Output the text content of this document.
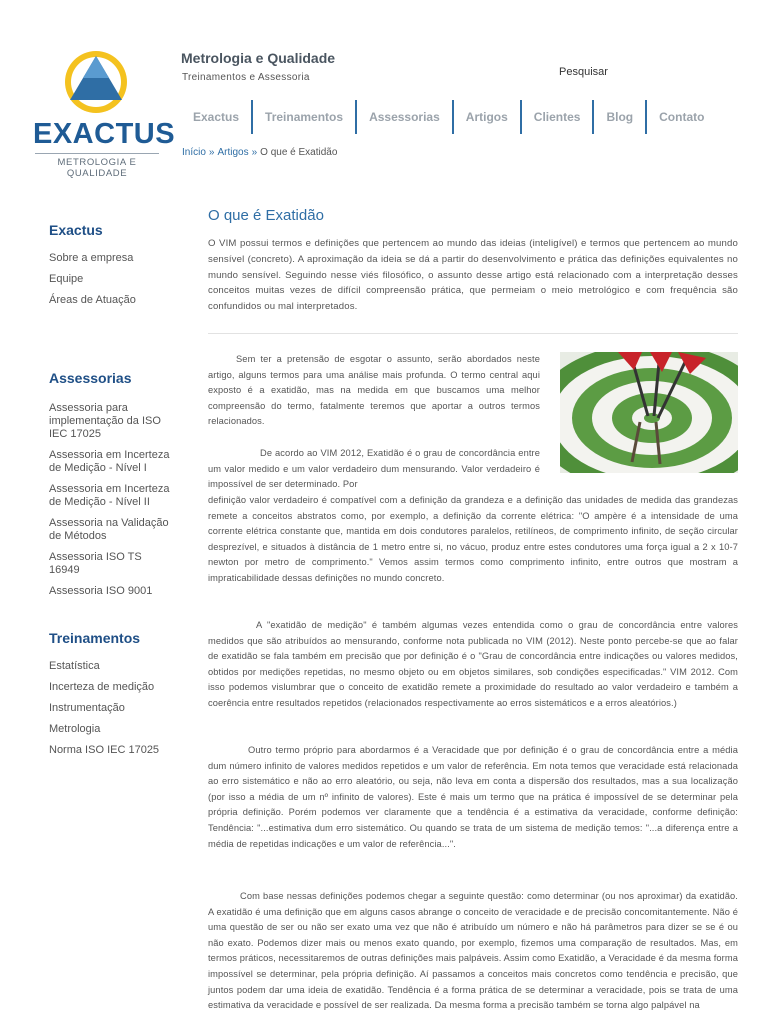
EXACTUS
METROLOGIA E QUALIDADE
Metrologia e Qualidade
Treinamentos e Assessoria	Pesquisar
Exactus	Treinamentos	Assessorias	Artigos	Clientes	Blog	Contato
Início » Artigos » O que é Exatidão
Exactus
Sobre a empresa
Equipe
Áreas de Atuação
Assessorias
Assessoria para implementação da ISO IEC 17025
Assessoria em Incerteza de Medição - Nível I
Assessoria em Incerteza de Medição - Nível II
Assessoria na Validação de Métodos
Assessoria ISO TS 16949
Assessoria ISO 9001
Treinamentos
Estatística
Incerteza de medição
Instrumentação
Metrologia
Norma ISO IEC 17025
O que é Exatidão
O VIM possui termos e definições que pertencem ao mundo das ideias (inteligível) e termos que pertencem ao mundo sensível (concreto). A aproximação da ideia se dá a partir do desenvolvimento e prática das definições equivalentes no mundo sensível. Seguindo nesse viés filosófico, o assunto desse artigo está relacionado com a interpretação desses conceitos muitas vezes de difícil compreensão prática, que permeiam o meio metrológico e com frequência são confundidos ou mal interpretados.
Sem ter a pretensão de esgotar o assunto, serão abordados neste artigo, alguns termos para uma análise mais profunda. O termo central aqui exposto é a exatidão, mas na medida em que buscamos uma melhor compreensão do termo, fatalmente teremos que aportar a outros termos relacionados.
De acordo ao VIM 2012, Exatidão é o grau de concordância entre um valor medido e um valor verdadeiro dum mensurando. Valor verdadeiro é impossível de ser determinado. Por
definição valor verdadeiro é compatível com a definição da grandeza e a definição das unidades de medida das grandezas remete a conceitos abstratos como, por exemplo, a definição da corrente elétrica: "O ampère é a intensidade de uma corrente elétrica constante que, mantida em dois condutores paralelos, retilíneos, de comprimento infinito, de seção circular desprezível, e situados à distância de 1 metro entre si, no vácuo, produz entre estes condutores uma força igual a 2 x 10-7 newton por metro de comprimento." Vemos assim termos como comprimento infinito, entre outros que mostram a impraticabilidade dessas definições no mundo concreto.
A "exatidão de medição" é também algumas vezes entendida como o grau de concordância entre valores medidos que são atribuídos ao mensurando, conforme nota publicada no VIM (2012). Neste ponto percebe-se que ao falar de exatidão se fala também em precisão que por definição é o "Grau de concordância entre indicações ou valores medidos, obtidos por medições repetidas, no mesmo objeto ou em objetos similares, sob condições especificadas." VIM 2012. Com isso podemos vislumbrar que o conceito de exatidão remete a proximidade do resultado ao valor verdadeiro e também a coerência entre resultados repetidos (relacionados respectivamente ao erros sistemáticos e a erros aleatórios.)
Outro termo próprio para abordarmos é a Veracidade que por definição é o grau de concordância entre a média dum número infinito de valores medidos repetidos e um valor de referência. Em nota temos que veracidade está relacionada ao erro sistemático e não ao erro aleatório, ou seja, não leva em conta a dispersão dos resultados, mas a sua localização (por isso a média de um nº infinito de valores). Este é mais um termo que na prática é impossível de se determinar pela própria definição. Porém podemos ver claramente que a tendência é a estimativa da veracidade, conforme definição: Tendência: "...estimativa dum erro sistemático. Ou quando se trata de um sistema de medição temos: "...a diferença entre a média de repetidas indicações e um valor de referência...".
Com base nessas definições podemos chegar a seguinte questão: como determinar (ou nos aproximar) da exatidão. A exatidão é uma definição que em alguns casos abrange o conceito de veracidade e de precisão concomitantemente. Não é uma questão de ser ou não ser exato uma vez que não é atribuído um número e não há parâmetros para dizer se se é ou não exato. Podemos dizer mais ou menos exato quando, por exemplo, fizemos uma comparação de resultados. Mas, em termos práticos, necessitaremos de outras definições mais palpáveis. Assim como Exatidão, a Veracidade é da mesma forma impossível se determinar, pela própria definição. Aí passamos a conceitos mais concretos como tendência e precisão, que juntos podem dar uma ideia de exatidão. Tendência é a forma prática de se determinar a veracidade, pois se trata de uma estimativa da veracidade e possível de ser realizada. Da mesma forma a precisão também se torna algo palpável na
